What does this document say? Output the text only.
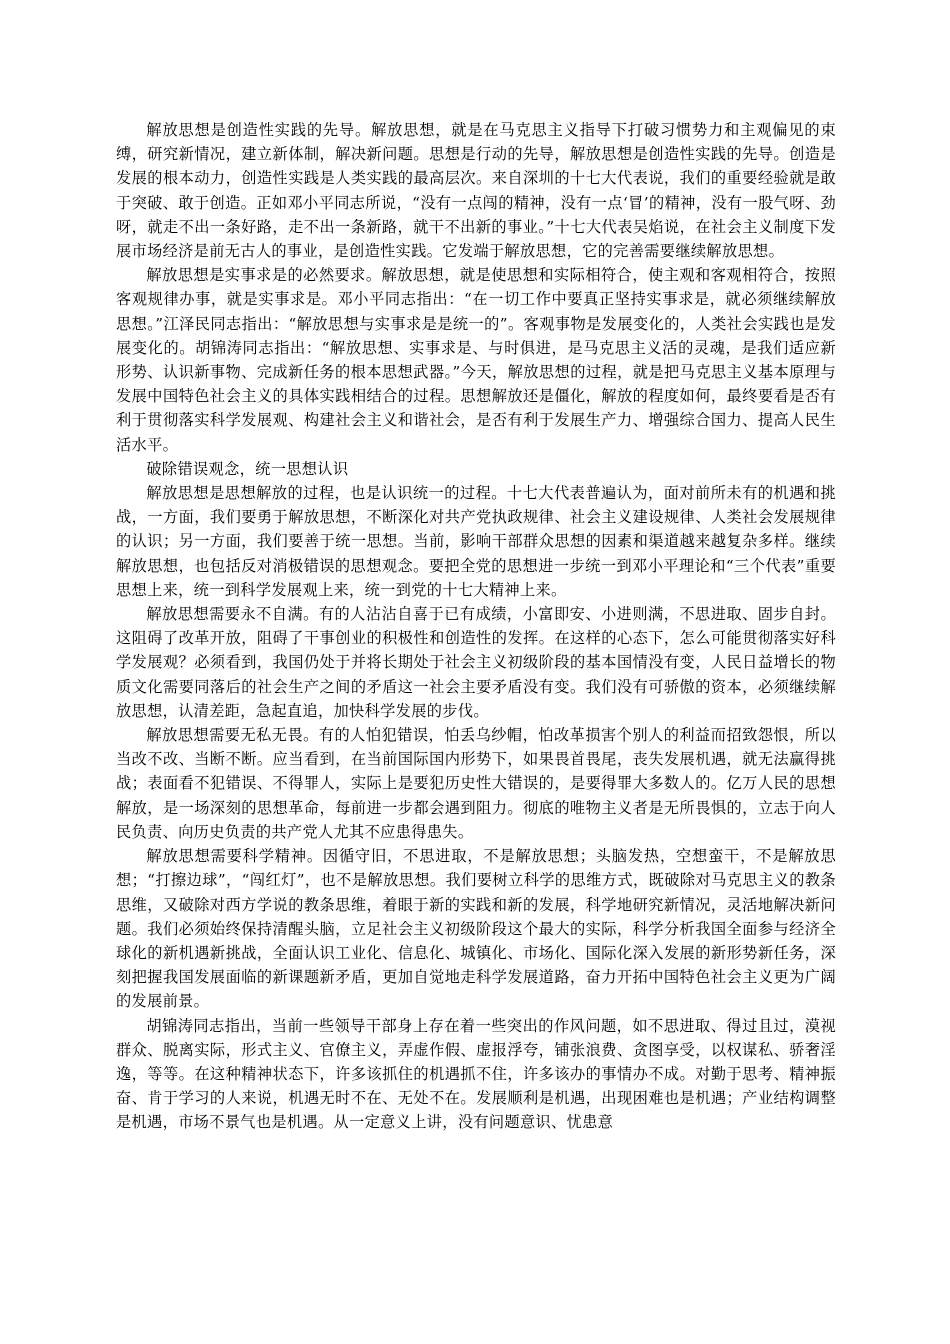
解放思想是创造性实践的先导。解放思想，就是在马克思主义指导下打破习惯势力和主观偏见的束缚，研究新情况，建立新体制，解决新问题。思想是行动的先导，解放思想是创造性实践的先导。创造是发展的根本动力，创造性实践是人类实践的最高层次。来自深圳的十七大代表说，我们的重要经验就是敢于突破、敢于创造。正如邓小平同志所说，“没有一点闯的精神，没有一点‘冒’的精神，没有一股气呀、劲呀，就走不出一条好路，走不出一条新路，就干不出新的事业。”十七大代表吴焰说，在社会主义制度下发展市场经济是前无古人的事业，是创造性实践。它发端于解放思想，它的完善需要继续解放思想。

解放思想是实事求是的必然要求。解放思想，就是使思想和实际相符合，使主观和客观相符合，按照客观规律办事，就是实事求是。邓小平同志指出：“在一切工作中要真正坚持实事求是，就必须继续解放思想。”江泽民同志指出：“解放思想与实事求是是统一的”。客观事物是发展变化的，人类社会实践也是发展变化的。胡锦涛同志指出：“解放思想、实事求是、与时俱进，是马克思主义活的灵魂，是我们适应新形势、认识新事物、完成新任务的根本思想武器。”今天，解放思想的过程，就是把马克思主义基本原理与发展中国特色社会主义的具体实践相结合的过程。思想解放还是僵化，解放的程度如何，最终要看是否有利于贯彻落实科学发展观、构建社会主义和谐社会，是否有利于发展生产力、增强综合国力、提高人民生活水平。

破除错误观念，统一思想认识

解放思想是思想解放的过程，也是认识统一的过程。十七大代表普遍认为，面对前所未有的机遇和挑战，一方面，我们要勇于解放思想，不断深化对共产党执政规律、社会主义建设规律、人类社会发展规律的认识；另一方面，我们要善于统一思想。当前，影响干部群众思想的因素和渠道越来越复杂多样。继续解放思想，也包括反对消极错误的思想观念。要把全党的思想进一步统一到邓小平理论和“三个代表”重要思想上来，统一到科学发展观上来，统一到党的十七大精神上来。

解放思想需要永不自满。有的人沾沾自喜于已有成绩，小富即安、小进则满，不思进取、固步自封。这阻碍了改革开放，阻碍了干事创业的积极性和创造性的发挥。在这样的心态下，怎么可能贯彻落实好科学发展观？必须看到，我国仍处于并将长期处于社会主义初级阶段的基本国情没有变，人民日益增长的物质文化需要同落后的社会生产之间的矛盾这一社会主要矛盾没有变。我们没有可骄傲的资本，必须继续解放思想，认清差距，急起直追，加快科学发展的步伐。

解放思想需要无私无畏。有的人怕犯错误，怕丢乌纱帽，怕改革损害个别人的利益而招致怨恨，所以当改不改、当断不断。应当看到，在当前国际国内形势下，如果畏首畏尾，丧失发展机遇，就无法赢得挑战；表面看不犯错误、不得罪人，实际上是要犯历史性大错误的，是要得罪大多数人的。亿万人民的思想解放，是一场深刻的思想革命，每前进一步都会遇到阻力。彻底的唯物主义者是无所畏惧的，立志于向人民负责、向历史负责的共产党人尤其不应患得患失。

解放思想需要科学精神。因循守旧，不思进取，不是解放思想；头脑发热，空想蛮干，不是解放思想；“打擦边球”，“闯红灯”，也不是解放思想。我们要树立科学的思维方式，既破除对马克思主义的教条思维，又破除对西方学说的教条思维，着眼于新的实践和新的发展，科学地研究新情况，灵活地解决新问题。我们必须始终保持清醒头脑，立足社会主义初级阶段这个最大的实际，科学分析我国全面参与经济全球化的新机遇新挑战，全面认识工业化、信息化、城镇化、市场化、国际化深入发展的新形势新任务，深刻把握我国发展面临的新课题新矛盾，更加自觉地走科学发展道路，奋力开拓中国特色社会主义更为广阔的发展前景。

胡锦涛同志指出，当前一些领导干部身上存在着一些突出的作风问题，如不思进取、得过且过，漠视群众、脱离实际，形式主义、官僚主义，弄虚作假、虚报浮夸，铺张浪费、贪图享受，以权谋私、骄奢淫逸，等等。在这种精神状态下，许多该抓住的机遇抓不住，许多该办的事情办不成。对勤于思考、精神振奋、肯于学习的人来说，机遇无时不在、无处不在。发展顺利是机遇，出现困难也是机遇；产业结构调整是机遇，市场不景气也是机遇。从一定意义上讲，没有问题意识、忧患意
